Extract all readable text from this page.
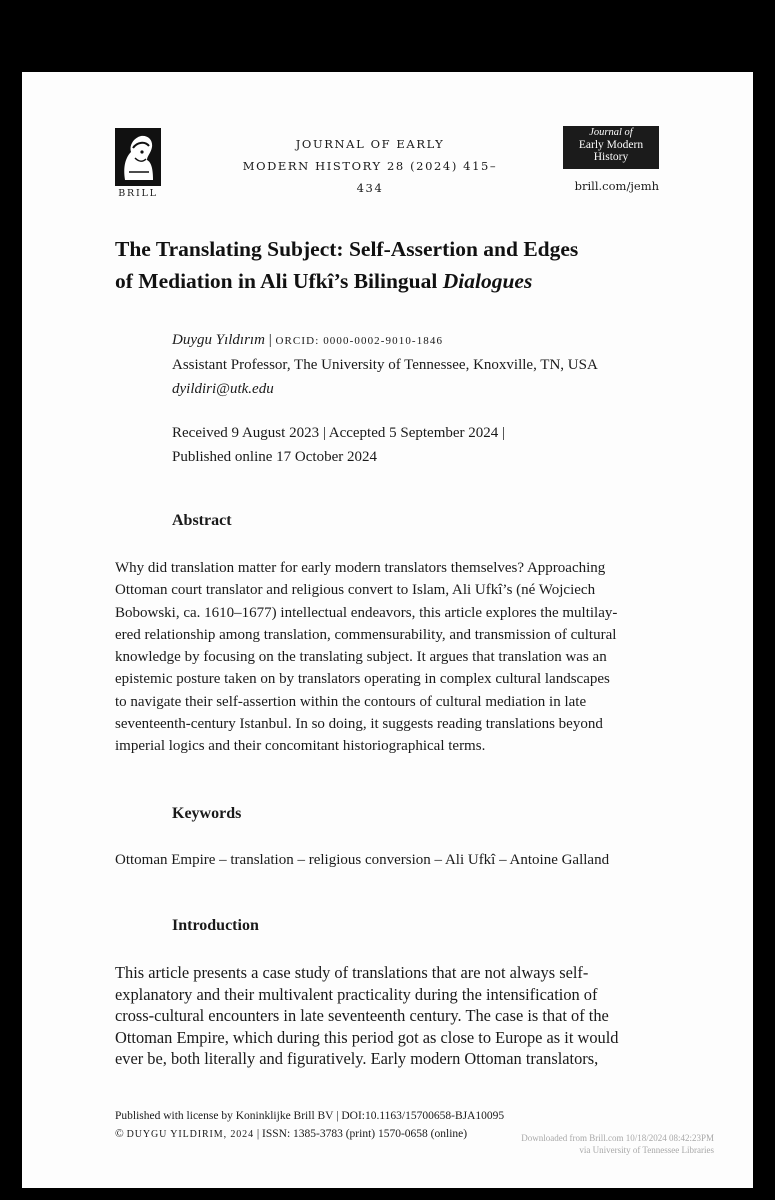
BRILL
JOURNAL OF EARLY
MODERN HISTORY 28 (2024) 415–434
Journal of
Early Modern
History
brill.com/jemh
The Translating Subject: Self-Assertion and Edges
of Mediation in Ali Ufkî’s Bilingual Dialogues
Duygu Yıldırım | ORCID: 0000-0002-9010-1846
Assistant Professor, The University of Tennessee, Knoxville, TN, USA
dyildiri@utk.edu
Received 9 August 2023 | Accepted 5 September 2024 |
Published online 17 October 2024
Abstract
Why did translation matter for early modern translators themselves? Approaching
Ottoman court translator and religious convert to Islam, Ali Ufkî’s (né Wojciech
Bobowski, ca. 1610–1677) intellectual endeavors, this article explores the multilay-
ered relationship among translation, commensurability, and transmission of cultural
knowledge by focusing on the translating subject. It argues that translation was an
epistemic posture taken on by translators operating in complex cultural landscapes
to navigate their self-assertion within the contours of cultural mediation in late
seventeenth-century Istanbul. In so doing, it suggests reading translations beyond
imperial logics and their concomitant historiographical terms.
Keywords
Ottoman Empire – translation – religious conversion – Ali Ufkî – Antoine Galland
Introduction
This article presents a case study of translations that are not always self-
explanatory and their multivalent practicality during the intensification of
cross-cultural encounters in late seventeenth century. The case is that of the
Ottoman Empire, which during this period got as close to Europe as it would
ever be, both literally and figuratively. Early modern Ottoman translators,
Published with license by Koninklijke Brill BV | DOI:10.1163/15700658-BJA10095
© DUYGU YILDIRIM, 2024 | ISSN: 1385-3783 (print) 1570-0658 (online)	Downloaded from Brill.com 10/18/2024 08:42:23PM
via University of Tennessee Libraries
